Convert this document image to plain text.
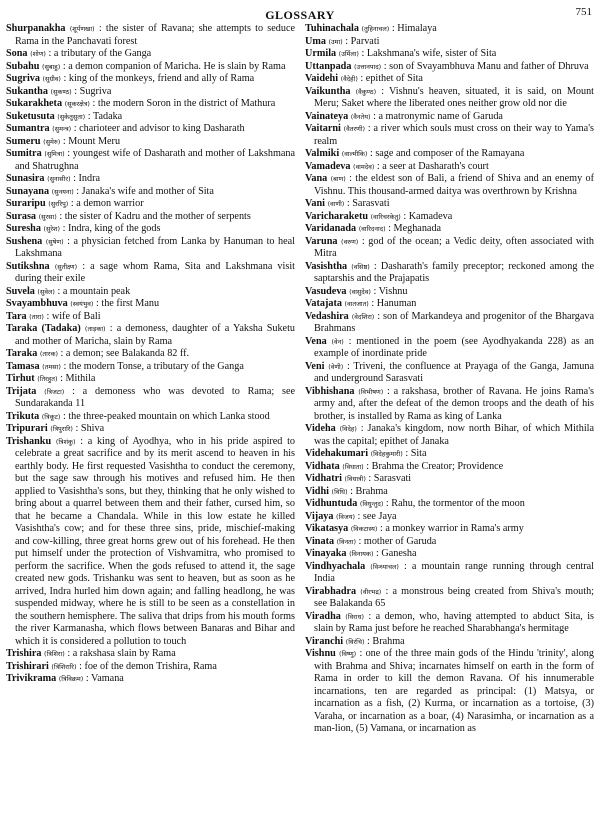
GLOSSARY	751

Shurpanakha (शूर्पणखा) : the sister of Ravana; she attempts to seduce Rama in the Panchavati forest

Sona (शोण) : a tributary of the Ganga

Subahu (सुबाहु) : a demon companion of Maricha. He is slain by Rama

Sugriva (सुग्रीव) : king of the monkeys, friend and ally of Rama

Sukantha (सुकण्ठ) : Sugriva

Sukarakheta (सूकरक्षेत्र) : the modern Soron in the district of Mathura

Suketusuta (सुकेतुसुता) : Tadaka

Sumantra (सुमन्त्र) : charioteer and advisor to king Dasharath

Sumeru (सुमेरु) : Mount Meru

Sumitra (सुमित्रा) : youngest wife of Dasharath and mother of Lakshmana and Shatrughna

Sunasira (सुनासीर) : Indra

Sunayana (सुनयना) : Janaka's wife and mother of Sita

Suraripu (सुररिपु) : a demon warrior

Surasa (सुरसा) : the sister of Kadru and the mother of serpents

Suresha (सुरेश) : Indra, king of the gods

Sushena (सुषेण) : a physician fetched from Lanka by Hanuman to heal Lakshmana

Sutikshna (सुतीक्ष्ण) : a sage whom Rama, Sita and Lakshmana visit during their exile

Suvela (सुवेल) : a mountain peak

Svayambhuva (स्वयंभुव) : the first Manu

Tara (तारा) : wife of Bali

Taraka (Tadaka) (ताड़का) : a demoness, daughter of a Yaksha Suketu and mother of Maricha, slain by Rama

Taraka (तारक) : a demon; see Balakanda 82 ff.

Tamasa (तमसा) : the modern Tonse, a tributary of the Ganga

Tirhut (तिरहुत) : Mithila

Trijata (त्रिजटा) : a demoness who was devoted to Rama; see Sundarakanda 11

Trikuta (त्रिकूट) : the three-peaked mountain on which Lanka stood

Tripurari (त्रिपुरारि) : Shiva

Trishanku (त्रिशंकु) : a king of Ayodhya, who in his pride aspired to celebrate a great sacrifice and by its merit ascend to heaven in his earthly body. He first requested Vasishtha to conduct the ceremony, but the sage saw through his motives and refused him. He then applied to Vasishtha's sons, but they, thinking that he only wished to bring about a quarrel between them and their father, cursed him, so that he became a Chandala. While in this low estate he killed Vasishtha's cow; and for these three sins, pride, mischief-making and cow-killing, three great horns grew out of his forehead. He then put himself under the protection of Vishvamitra, who promised to perform the sacrifice. When the gods refused to attend it, the sage created new gods. Trishanku was sent to heaven, but as soon as he arrived, Indra hurled him down again; and falling headlong, he was suspended midway, where he is still to be seen as a constellation in the southern hemisphere. The saliva that drips from his mouth forms the river Karmanasha, which flows between Banaras and Bihar and which it is considered a pollution to touch

Trishira (त्रिशिरा) : a rakshasa slain by Rama

Trishirari (त्रिशिरारि) : foe of the demon Trishira, Rama

Trivikrama (त्रिविक्रम) : Vamana

Tuhinachala (तुहिनाचल) : Himalaya

Uma (उमा) : Parvati

Urmila (उर्मिला) : Lakshmana's wife, sister of Sita

Uttanpada (उत्तानपाद) : son of Svayambhuva Manu and father of Dhruva

Vaidehi (वैदेही) : epithet of Sita

Vaikuntha (वैकुण्ठ) : Vishnu's heaven, situated, it is said, on Mount Meru; Saket where the liberated ones neither grow old nor die

Vainateya (वैनतेय) : a matronymic name of Garuda

Vaitarni (वैतरणी) : a river which souls must cross on their way to Yama's realm

Valmiki (वाल्मीकि) : sage and composer of the Ramayana

Vamadeva (वामदेव) : a seer at Dasharath's court

Vana (बाण) : the eldest son of Bali, a friend of Shiva and an enemy of Vishnu. This thousand-armed daitya was overthrown by Krishna

Vani (वाणी) : Sarasvati

Varicharaketu (वारिचरकेतु) : Kamadeva

Varidanada (वारिदनाद) : Meghanada

Varuna (वरुण) : god of the ocean; a Vedic deity, often associated with Mitra

Vasishtha (वसिष्ठ) : Dasharath's family preceptor; reckoned among the saptarshis and the Prajapatis

Vasudeva (वासुदेव) : Vishnu

Vatajata (वातजात) : Hanuman

Vedashira (वेदशिरा) : son of Markandeya and progenitor of the Bhargava Brahmans

Vena (वेन) : mentioned in the poem (see Ayodhyakanda 228) as an example of inordinate pride

Veni (वेणी) : Triveni, the confluence at Prayaga of the Ganga, Jamuna and underground Sarasvati

Vibhishana (विभीषण) : a rakshasa, brother of Ravana. He joins Rama's army and, after the defeat of the demon troops and the death of his brother, is installed by Rama as king of Lanka

Videha (विदेह) : Janaka's kingdom, now north Bihar, of which Mithila was the capital; epithet of Janaka

Videhakumari (विदेहकुमारी) : Sita

Vidhata (विधाता) : Brahma the Creator; Providence

Vidhatri (विधात्री) : Sarasvati

Vidhi (विधि) : Brahma

Vidhuntuda (विधुन्तुद) : Rahu, the tormentor of the moon

Vijaya (विजय) : see Jaya

Vikatasya (विकटास्य) : a monkey warrior in Rama's army

Vinata (विनता) : mother of Garuda

Vinayaka (विनायक) : Ganesha

Vindhyachala (विन्ध्याचल) : a mountain range running through central India

Virabhadra (वीरभद्र) : a monstrous being created from Shiva's mouth; see Balakanda 65

Viradha (विराध) : a demon, who, having attempted to abduct Sita, is slain by Rama just before he reached Sharabhanga's hermitage

Viranchi (विरंचि) : Brahma

Vishnu (विष्णु) : one of the three main gods of the Hindu 'trinity', along with Brahma and Shiva; incarnates himself on earth in the form of Rama in order to kill the demon Ravana. Of his innumerable incarnations, ten are regarded as principal: (1) Matsya, or incarnation as a fish, (2) Kurma, or incarnation as a tortoise, (3) Varaha, or incarnation as a boar, (4) Narasimha, or incarnation as a man-lion, (5) Vamana, or incarnation as
